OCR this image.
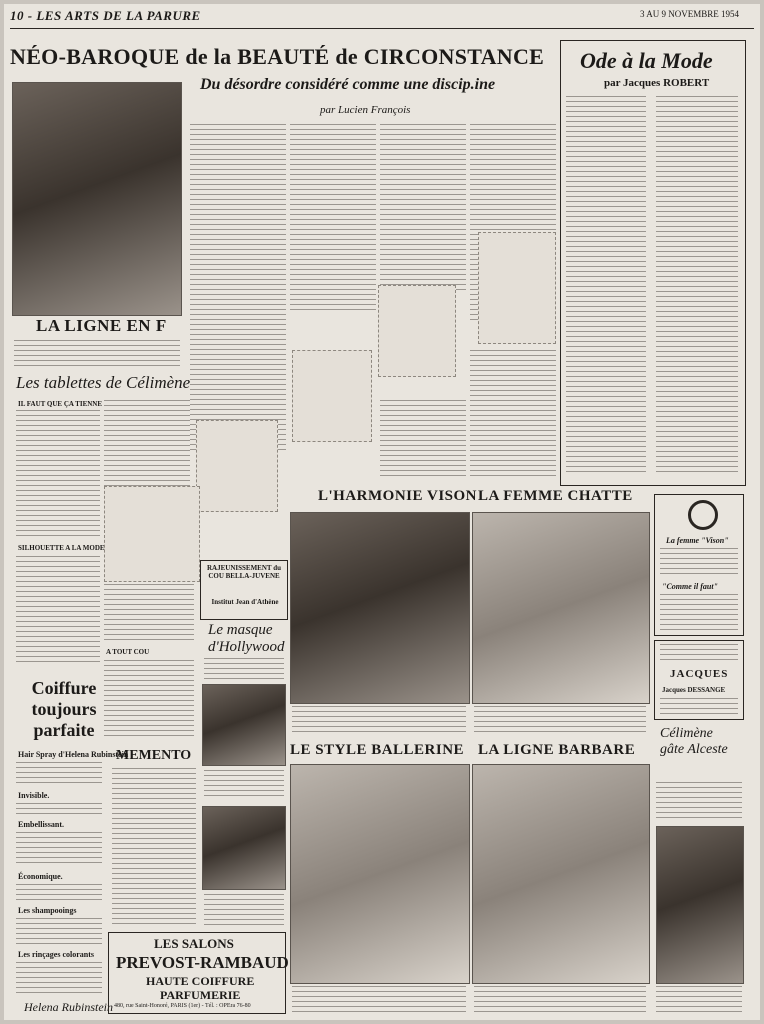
10 - LES ARTS DE LA PARURE	3 AU 9 NOVEMBRE 1954
NÉO-BAROQUE de la BEAUTÉ de CIRCONSTANCE
Du désordre considéré comme une discip.ine
par Lucien François
Ode à la Mode
par Jacques ROBERT
LA LIGNE EN F
Les tablettes de Célimène
IL FAUT QUE ÇA TIENNE
SILHOUETTE A LA MODE
A TOUT COU
Coiffure toujours parfaite
Hair Spray d'Helena Rubinstein
Invisible.
Embellissant.
Économique.
Les shampooings
Les rinçages colorants
Helena Rubinstein
MEMENTO
LES SALONS
PREVOST-RAMBAUD
HAUTE COIFFURE
PARFUMERIE
480, rue Saint-Honoré, PARIS (1er) - Tél. : OPEra 76-80
RAJEUNISSEMENT du COU BELLA-JUVENE
Institut Jean d'Athène
Le masque d'Hollywood
L'HARMONIE VISON LA FEMME CHATTE
LE STYLE BALLERINE LA LIGNE BARBARE
La femme "Vison"
"Comme il faut"
JACQUES
Jacques DESSANGE
Célimène gâte Alceste
